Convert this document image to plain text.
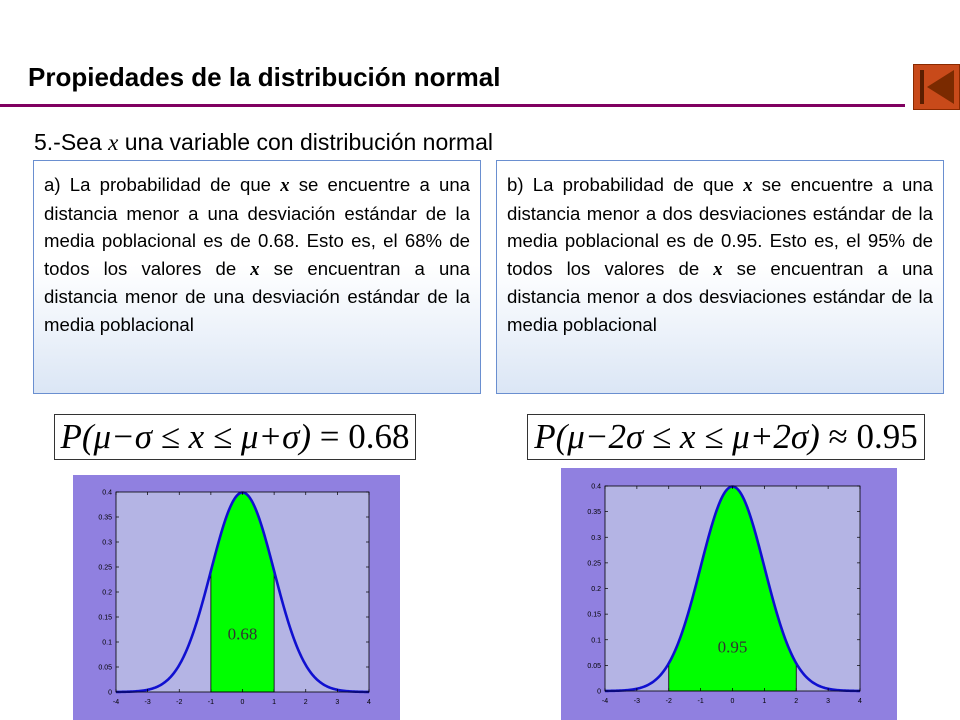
Propiedades de la distribución normal
5.-Sea x una variable con distribución normal
a) La probabilidad de que x se encuentre a una distancia menor a una desviación estándar de la media poblacional es de 0.68. Esto es, el 68% de todos los valores de x se encuentran a una distancia menor de una desviación estándar de la media poblacional
b) La probabilidad de que x se encuentre a una distancia menor a dos desviaciones estándar de la media poblacional es de 0.95. Esto es, el 95% de todos los valores de x se encuentran a una distancia menor a dos desviaciones estándar de la media poblacional
P(μ−σ ≤ x ≤ μ+σ) = 0.68	P(μ−2σ ≤ x ≤ μ+2σ) ≈ 0.95
-4	-3	-2	-1	0	1	2	3	4
0
0.05
0.1
0.15
0.2
0.25
0.3
0.35
0.4
0.68
-4	-3	-2	-1	0	1	2	3	4
0
0.05
0.1
0.15
0.2
0.25
0.3
0.35
0.4
0.95
